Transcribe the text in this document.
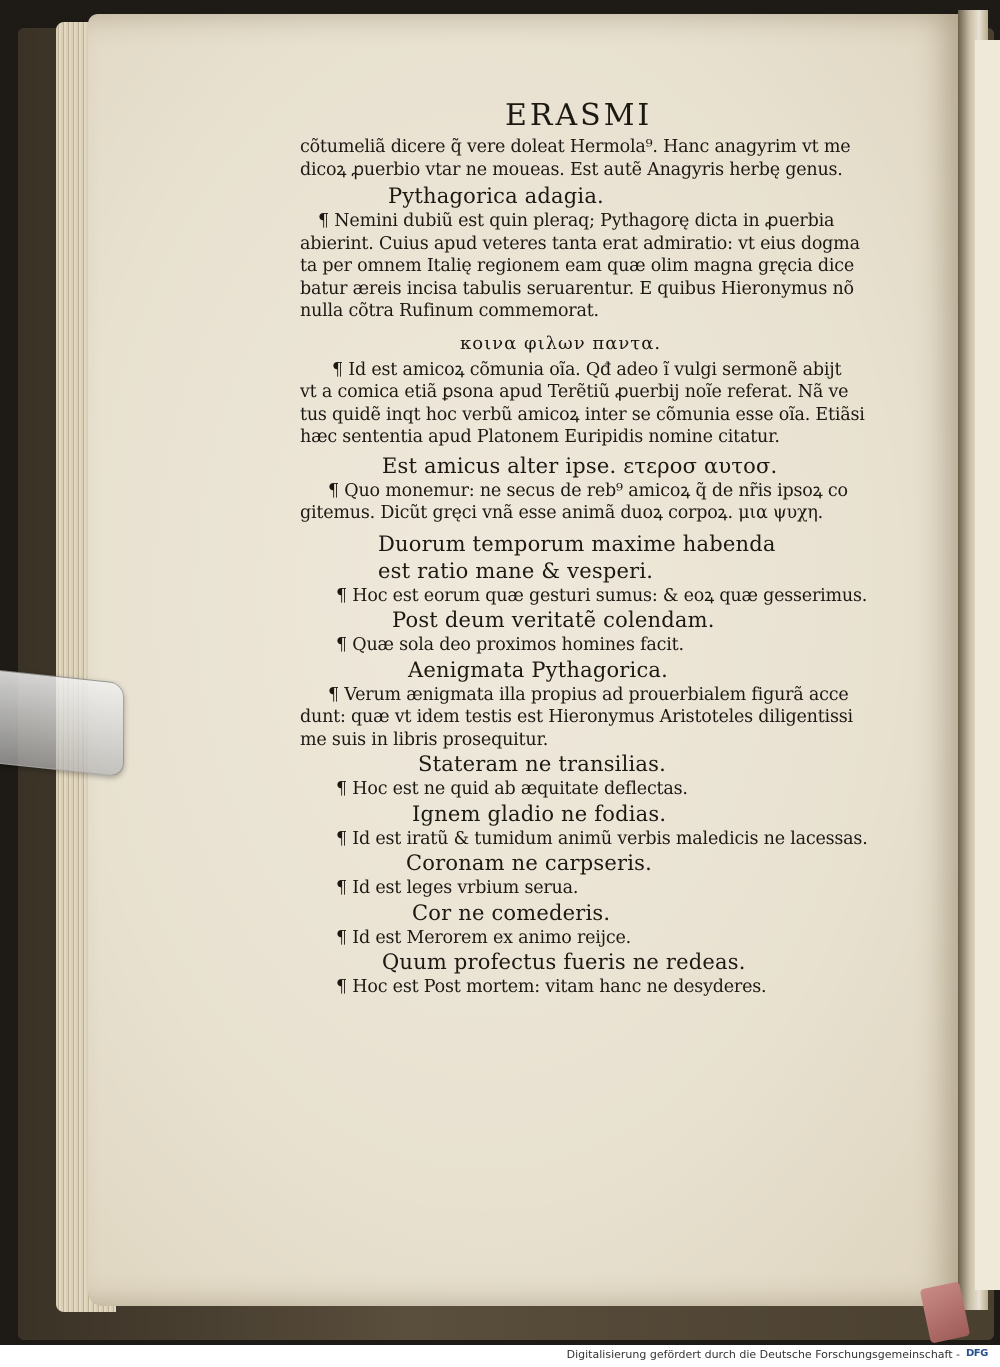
ERASMI
cõtumeliã dicere q̃ vere doleat Hermola⁹. Hanc anagyrim vt me
dicoꝝ ꝓuerbio vtar ne moueas. Est autẽ Anagyris herbę genus.
Pythagorica adagia.
¶ Nemini dubiũ est quin pleraq; Pythagorę dicta in ꝓuerbia
abierint. Cuius apud veteres tanta erat admiratio: vt eius dogma
ta per omnem Italię regionem eam quæ olim magna gręcia dice
batur æreis incisa tabulis seruarentur. E quibus Hieronymus nõ
nulla cõtra Rufinum commemorat.
κοινα φιλων παντα.
¶ Id est amicoꝝ cõmunia oĩa. Qđ adeo ĩ vulgi sermonẽ abijt
vt a comica etiã ꝑsona apud Terẽtiũ ꝓuerbij noĩe referat. Nã ve
tus quidẽ inqt hoc verbũ amicoꝝ inter se cõmunia esse oĩa. Etiãsi
hæc sententia apud Platonem Euripidis nomine citatur.
Est amicus alter ipse. ετεροσ αυτοσ.
¶ Quo monemur: ne secus de reb⁹ amicoꝝ q̃ de nr̃is ipsoꝝ co
gitemus. Dicũt gręci vnã esse animã duoꝝ corpoꝝ. μια ψυχη.
Duorum temporum maxime habenda
est ratio mane & vesperi.
¶ Hoc est eorum quæ gesturi sumus: & eoꝝ quæ gesserimus.
Post deum veritatẽ colendam.
¶ Quæ sola deo proximos homines facit.
Aenigmata Pythagorica.
¶ Verum ænigmata illa propius ad prouerbialem figurã acce
dunt: quæ vt idem testis est Hieronymus Aristoteles diligentissi
me suis in libris prosequitur.
Stateram ne transilias.
¶ Hoc est ne quid ab æquitate deflectas.
Ignem gladio ne fodias.
¶ Id est iratũ & tumidum animũ verbis maledicis ne lacessas.
Coronam ne carpseris.
¶ Id est leges vrbium serua.
Cor ne comederis.
¶ Id est Merorem ex animo reijce.
Quum profectus fueris ne redeas.
¶ Hoc est Post mortem: vitam hanc ne desyderes.
Digitalisierung gefördert durch die Deutsche Forschungsgemeinschaft - DFG
